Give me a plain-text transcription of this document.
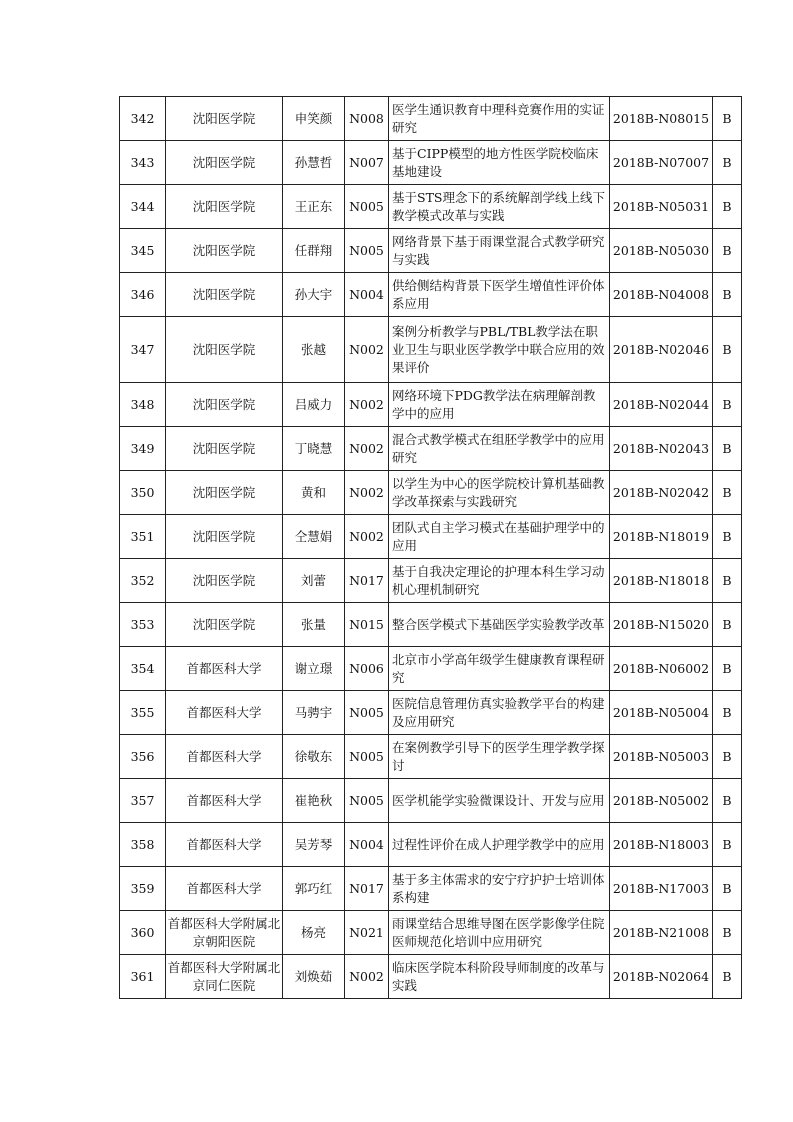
342	沈阳医学院	申笑颜	N008	医学生通识教育中理科竞赛作用的实证研究	2018B-N08015	B
343	沈阳医学院	孙慧哲	N007	基于CIPP模型的地方性医学院校临床基地建设	2018B-N07007	B
344	沈阳医学院	王正东	N005	基于STS理念下的系统解剖学线上线下教学模式改革与实践	2018B-N05031	B
345	沈阳医学院	任群翔	N005	网络背景下基于雨课堂混合式教学研究与实践	2018B-N05030	B
346	沈阳医学院	孙大宇	N004	供给侧结构背景下医学生增值性评价体系应用	2018B-N04008	B
347	沈阳医学院	张越	N002	案例分析教学与PBL/TBL教学法在职业卫生与职业医学教学中联合应用的效果评价	2018B-N02046	B
348	沈阳医学院	吕威力	N002	网络环境下PDG教学法在病理解剖教学中的应用	2018B-N02044	B
349	沈阳医学院	丁晓慧	N002	混合式教学模式在组胚学教学中的应用研究	2018B-N02043	B
350	沈阳医学院	黄和	N002	以学生为中心的医学院校计算机基础教学改革探索与实践研究	2018B-N02042	B
351	沈阳医学院	仝慧娟	N002	团队式自主学习模式在基础护理学中的应用	2018B-N18019	B
352	沈阳医学院	刘蕾	N017	基于自我决定理论的护理本科生学习动机心理机制研究	2018B-N18018	B
353	沈阳医学院	张量	N015	整合医学模式下基础医学实验教学改革	2018B-N15020	B
354	首都医科大学	谢立璟	N006	北京市小学高年级学生健康教育课程研究	2018B-N06002	B
355	首都医科大学	马骋宇	N005	医院信息管理仿真实验教学平台的构建及应用研究	2018B-N05004	B
356	首都医科大学	徐敬东	N005	在案例教学引导下的医学生理学教学探讨	2018B-N05003	B
357	首都医科大学	崔艳秋	N005	医学机能学实验微课设计、开发与应用	2018B-N05002	B
358	首都医科大学	吴芳琴	N004	过程性评价在成人护理学教学中的应用	2018B-N18003	B
359	首都医科大学	郭巧红	N017	基于多主体需求的安宁疗护护士培训体系构建	2018B-N17003	B
360	首都医科大学附属北京朝阳医院	杨亮	N021	雨课堂结合思维导图在医学影像学住院医师规范化培训中应用研究	2018B-N21008	B
361	首都医科大学附属北京同仁医院	刘焕茹	N002	临床医学院本科阶段导师制度的改革与实践	2018B-N02064	B
